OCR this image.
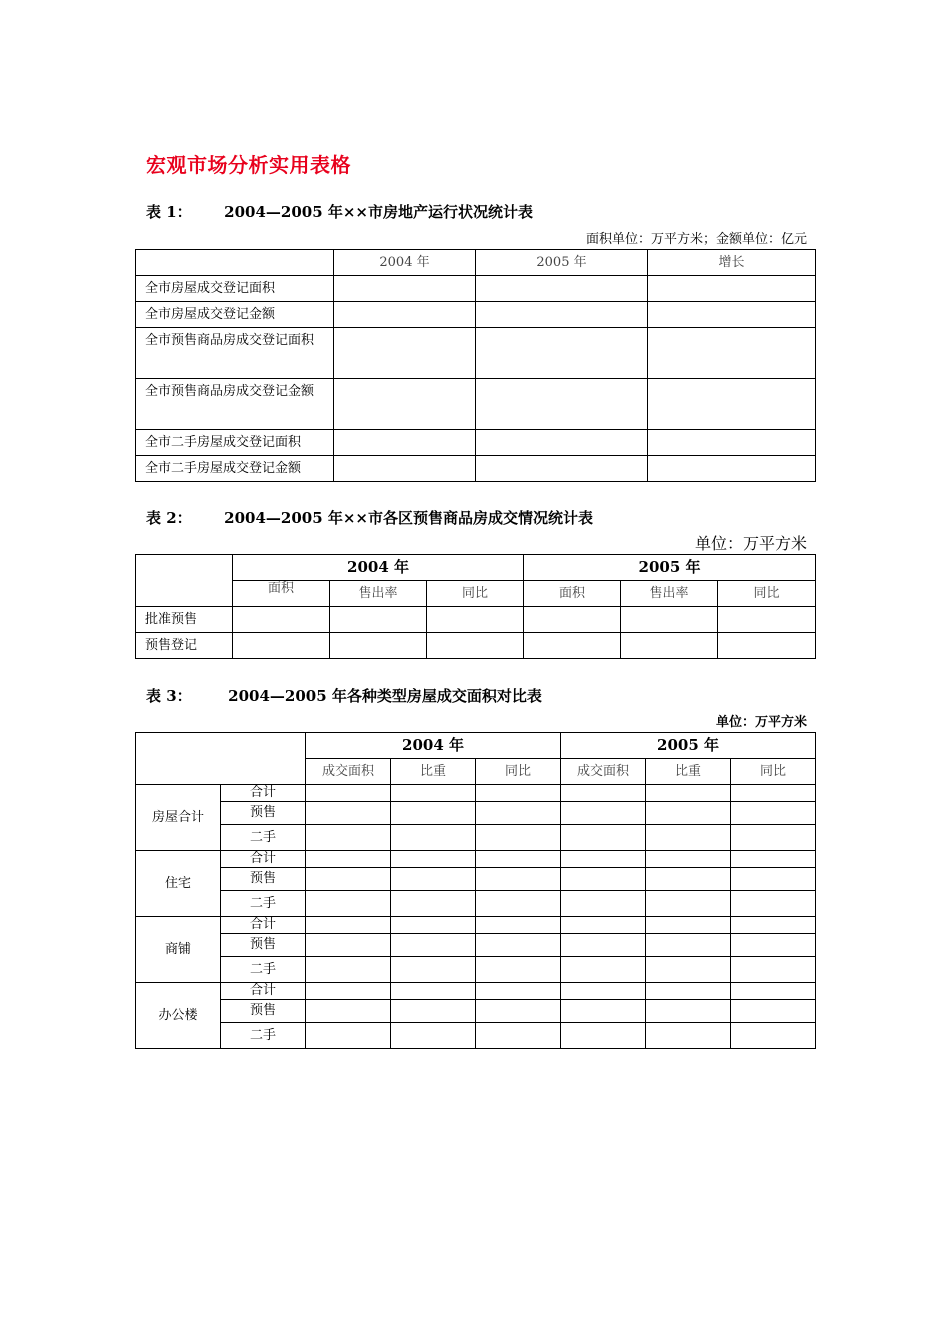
宏观市场分析实用表格
表 1： 2004—2005 年××市房地产运行状况统计表
面积单位：万平方米；金额单位：亿元
	2004 年	2005 年	增长
全市房屋成交登记面积			
全市房屋成交登记金额			
全市预售商品房成交登记面积			
全市预售商品房成交登记金额			
全市二手房屋成交登记面积			
全市二手房屋成交登记金额			
表 2： 2004—2005 年××市各区预售商品房成交情况统计表
单位：万平方米
	2004 年			2005 年		
	面积	售出率	同比	面积	售出率	同比
批准预售						
预售登记						
表 3： 2004—2005 年各种类型房屋成交面积对比表
单位：万平方米
		2004 年			2005 年		
		成交面积	比重	同比	成交面积	比重	同比
房屋合计	合计						
	预售						
	二手						
住宅	合计						
	预售						
	二手						
商铺	合计						
	预售						
	二手						
办公楼	合计						
	预售						
	二手						
